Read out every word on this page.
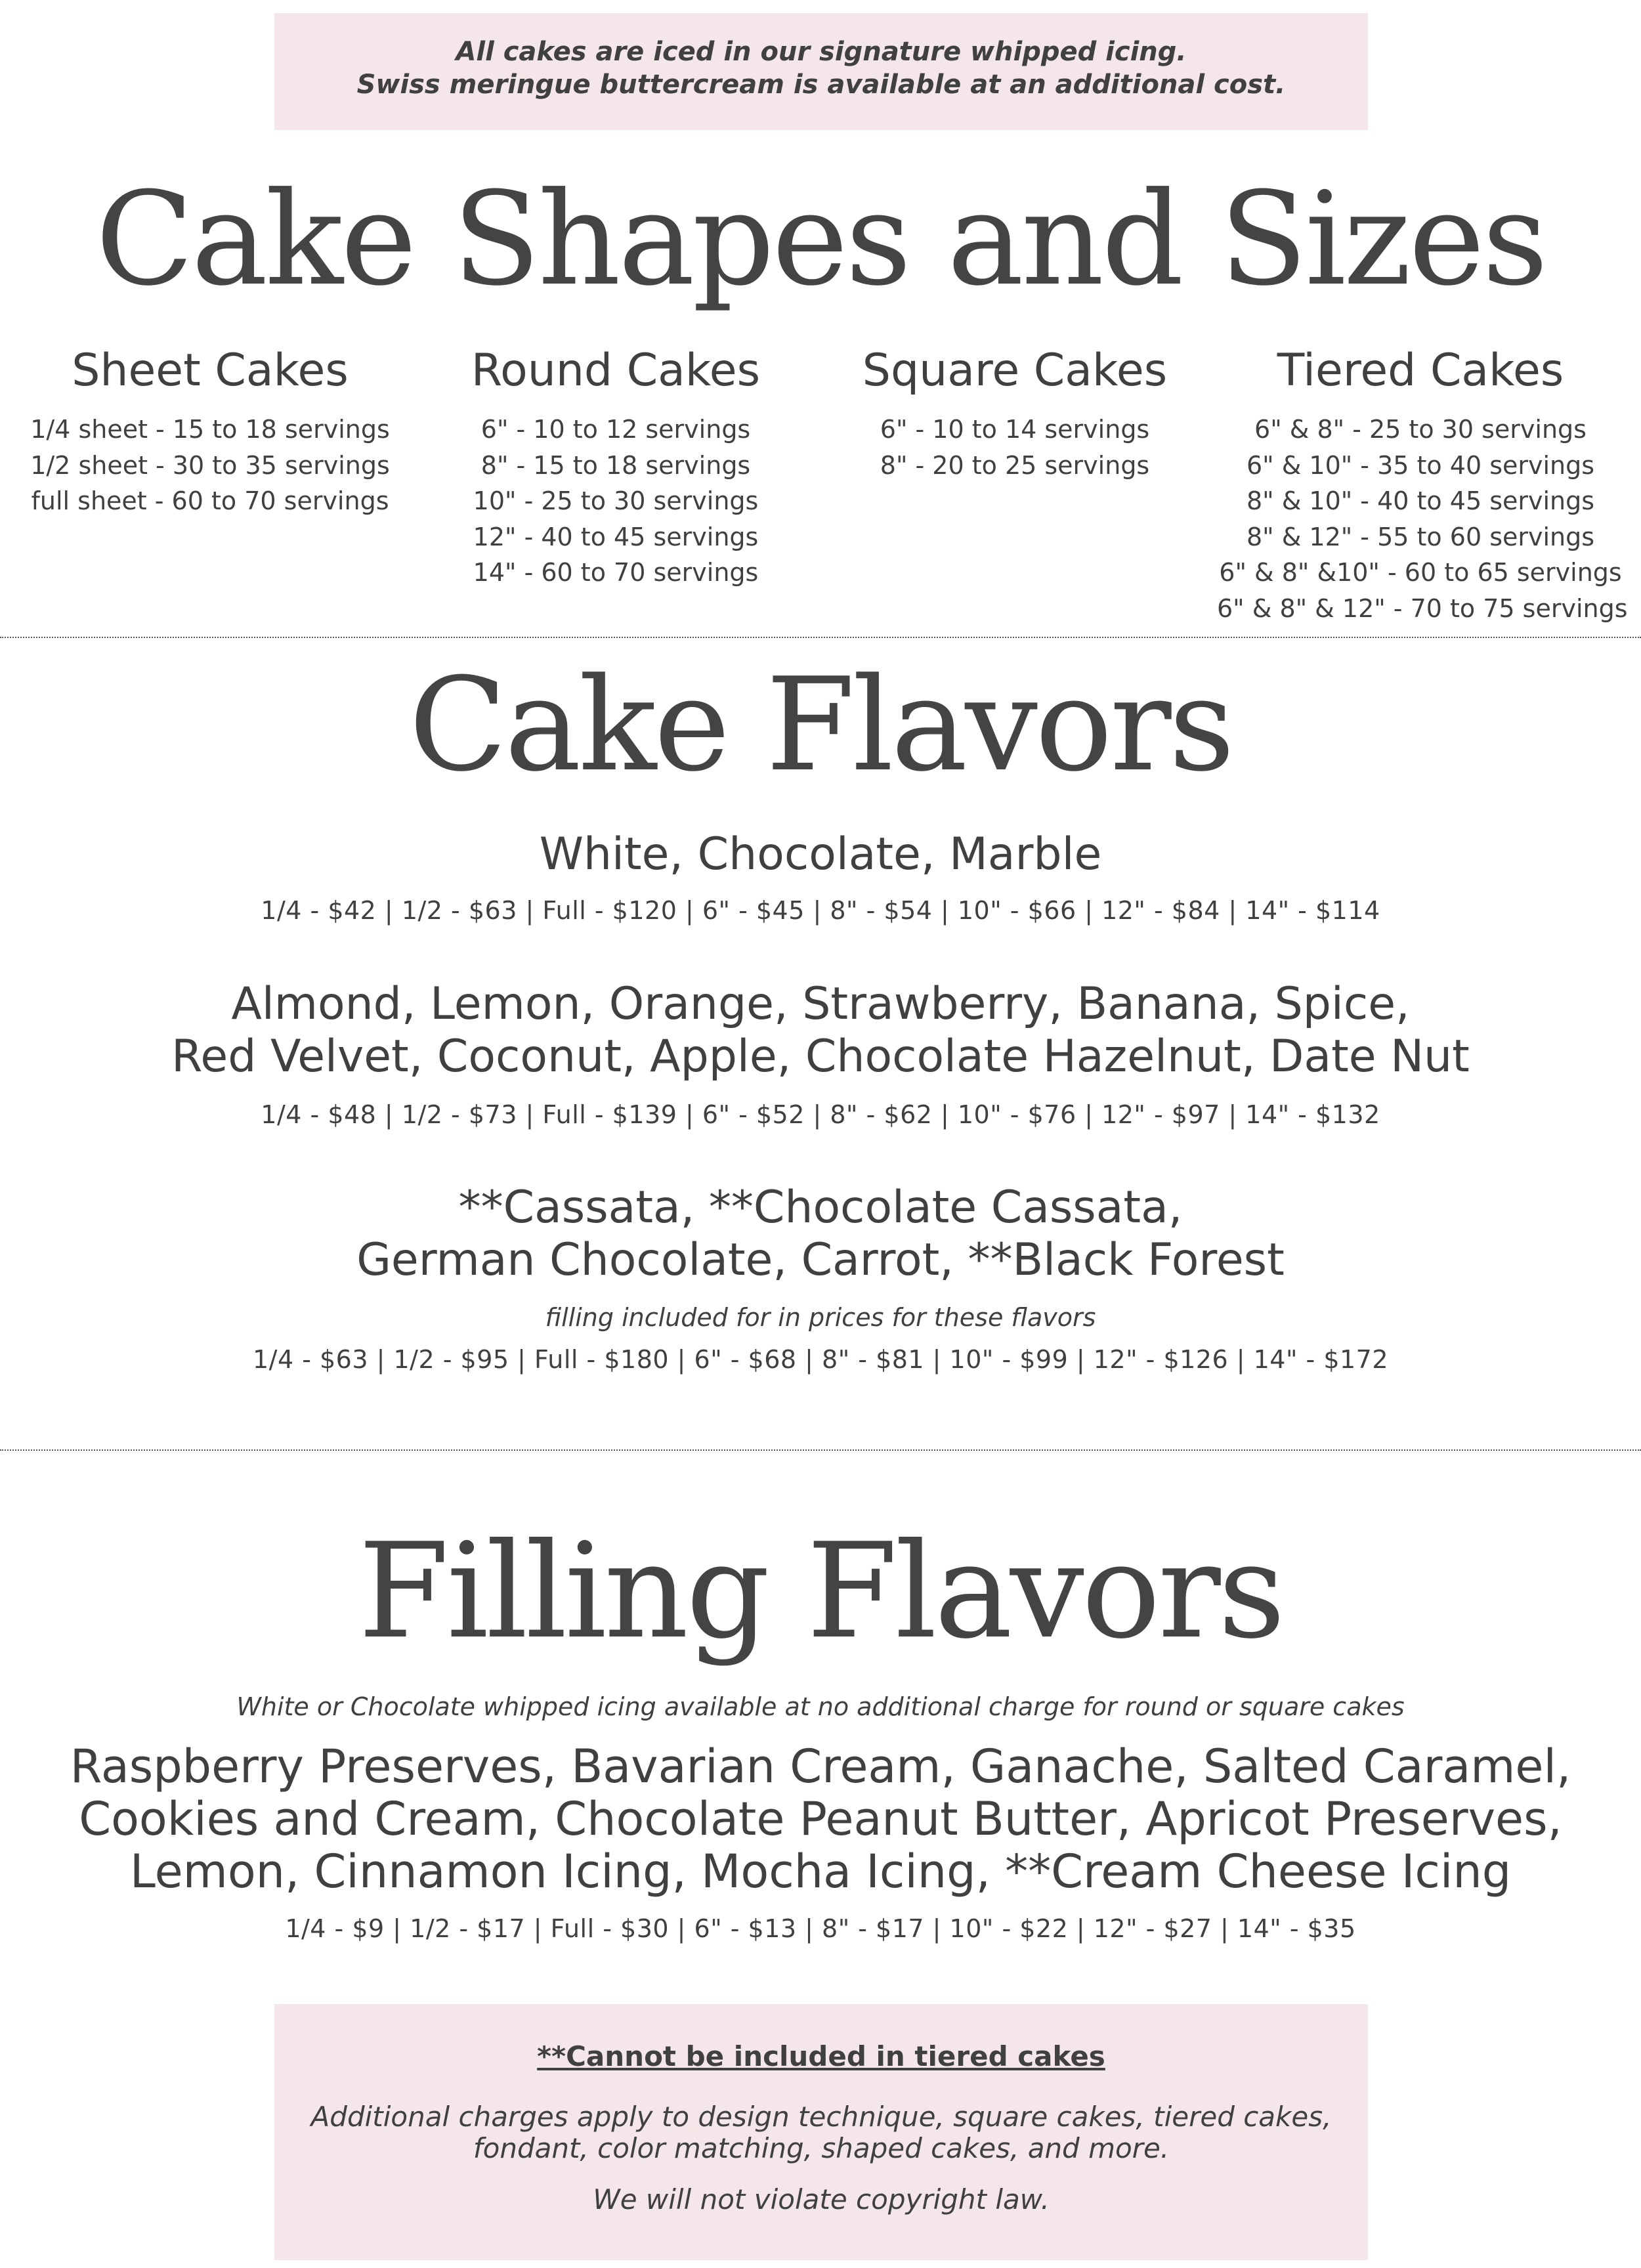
All cakes are iced in our signature whipped icing.
Swiss meringue buttercream is available at an additional cost.
Cake Shapes and Sizes
Sheet Cakes
1/4 sheet - 15 to 18 servings
1/2 sheet - 30 to 35 servings
full sheet - 60 to 70 servings
Round Cakes
6" - 10 to 12 servings
8" - 15 to 18 servings
10" - 25 to 30 servings
12" - 40 to 45 servings
14" - 60 to 70 servings
Square Cakes
6" - 10 to 14 servings
8" - 20 to 25 servings
Tiered Cakes
6" & 8" - 25 to 30 servings
6" & 10" - 35 to 40 servings
8" & 10" - 40 to 45 servings
8" & 12" - 55 to 60 servings
6" & 8" &10" - 60 to 65 servings
6" & 8" & 12" - 70 to 75 servings
Cake Flavors
White, Chocolate, Marble
1/4 - $42 | 1/2 - $63 | Full - $120 | 6" - $45 | 8" - $54 | 10" - $66 | 12" - $84 | 14" - $114
Almond, Lemon, Orange, Strawberry, Banana, Spice,
Red Velvet, Coconut, Apple, Chocolate Hazelnut, Date Nut
1/4 - $48 | 1/2 - $73 | Full - $139 | 6" - $52 | 8" - $62 | 10" - $76 | 12" - $97 | 14" - $132
**Cassata, **Chocolate Cassata,
German Chocolate, Carrot, **Black Forest
filling included for in prices for these flavors
1/4 - $63 | 1/2 - $95 | Full - $180 | 6" - $68 | 8" - $81 | 10" - $99 | 12" - $126 | 14" - $172
Filling Flavors
White or Chocolate whipped icing available at no additional charge for round or square cakes
Raspberry Preserves, Bavarian Cream, Ganache, Salted Caramel,
Cookies and Cream, Chocolate Peanut Butter, Apricot Preserves,
Lemon, Cinnamon Icing, Mocha Icing, **Cream Cheese Icing
1/4 - $9 | 1/2 - $17 | Full - $30 | 6" - $13 | 8" - $17 | 10" - $22 | 12" - $27 | 14" - $35
**Cannot be included in tiered cakes
Additional charges apply to design technique, square cakes, tiered cakes,
fondant, color matching, shaped cakes, and more.
We will not violate copyright law.
